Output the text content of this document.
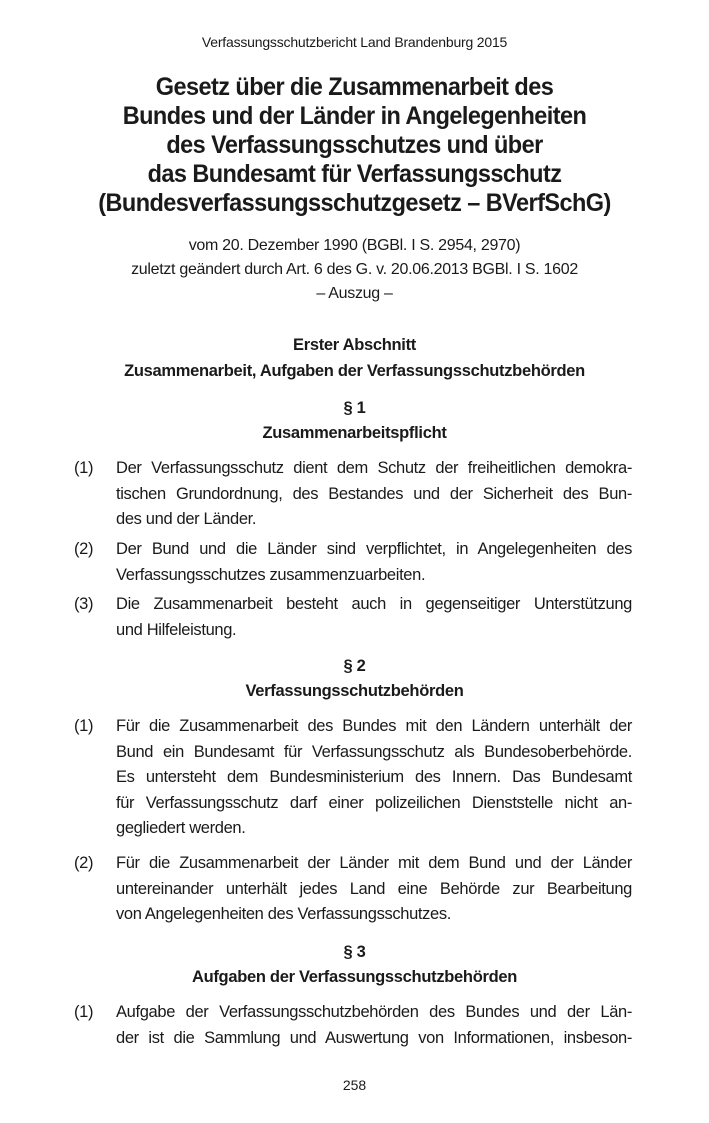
Verfassungsschutzbericht Land Brandenburg 2015
Gesetz über die Zusammenarbeit des
Bundes und der Länder in Angelegenheiten
des Verfassungsschutzes und über
das Bundesamt für Verfassungsschutz
(Bundesverfassungsschutzgesetz – BVerfSchG)
vom 20. Dezember 1990 (BGBl. I S. 2954, 2970)
zuletzt geändert durch Art. 6 des G. v. 20.06.2013 BGBl. I S. 1602
– Auszug –
Erster Abschnitt
Zusammenarbeit, Aufgaben der Verfassungsschutzbehörden
§ 1
Zusammenarbeitspflicht
(1)	Der Verfassungsschutz dient dem Schutz der freiheitlichen demokra-
tischen Grundordnung, des Bestandes und der Sicherheit des Bun-
des und der Länder.
(2)	Der Bund und die Länder sind verpflichtet, in Angelegenheiten des
Verfassungsschutzes zusammenzuarbeiten.
(3)	Die Zusammenarbeit besteht auch in gegenseitiger Unterstützung
und Hilfeleistung.
§ 2
Verfassungsschutzbehörden
(1)	Für die Zusammenarbeit des Bundes mit den Ländern unterhält der
Bund ein Bundesamt für Verfassungsschutz als Bundesoberbehörde.
Es untersteht dem Bundesministerium des Innern. Das Bundesamt
für Verfassungsschutz darf einer polizeilichen Dienststelle nicht an-
gegliedert werden.
(2)	Für die Zusammenarbeit der Länder mit dem Bund und der Länder
untereinander unterhält jedes Land eine Behörde zur Bearbeitung
von Angelegenheiten des Verfassungsschutzes.
§ 3
Aufgaben der Verfassungsschutzbehörden
(1)	Aufgabe der Verfassungsschutzbehörden des Bundes und der Län-
der ist die Sammlung und Auswertung von Informationen, insbeson-
258
